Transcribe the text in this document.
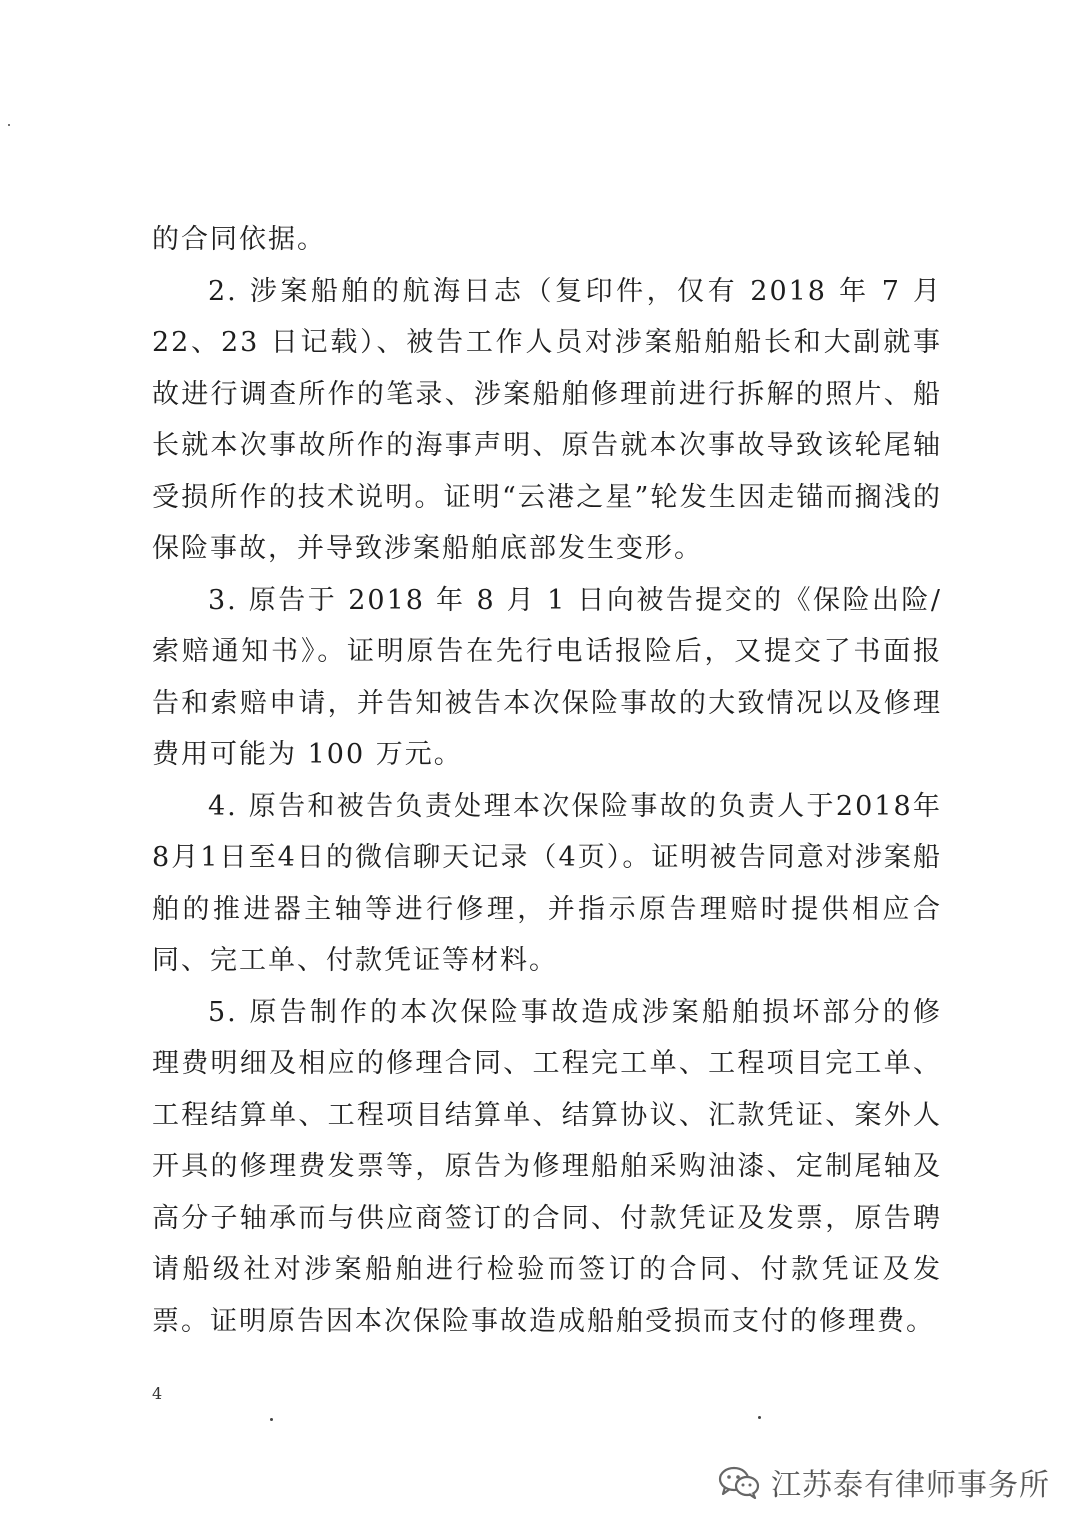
的合同依据。

2. 涉案船舶的航海日志（复印件，仅有 2018 年 7 月 22、23 日记载）、被告工作人员对涉案船舶船长和大副就事故进行调查所作的笔录、涉案船舶修理前进行拆解的照片、船长就本次事故所作的海事声明、原告就本次事故导致该轮尾轴受损所作的技术说明。证明“云港之星”轮发生因走锚而搁浅的保险事故，并导致涉案船舶底部发生变形。

3. 原告于 2018 年 8 月 1 日向被告提交的《保险出险/索赔通知书》。证明原告在先行电话报险后，又提交了书面报告和索赔申请，并告知被告本次保险事故的大致情况以及修理费用可能为 100 万元。

4. 原告和被告负责处理本次保险事故的负责人于2018年8月1日至4日的微信聊天记录（4页）。证明被告同意对涉案船舶的推进器主轴等进行修理，并指示原告理赔时提供相应合同、完工单、付款凭证等材料。

5. 原告制作的本次保险事故造成涉案船舶损坏部分的修理费明细及相应的修理合同、工程完工单、工程项目完工单、工程结算单、工程项目结算单、结算协议、汇款凭证、案外人开具的修理费发票等，原告为修理船舶采购油漆、定制尾轴及高分子轴承而与供应商签订的合同、付款凭证及发票，原告聘请船级社对涉案船舶进行检验而签订的合同、付款凭证及发票。证明原告因本次保险事故造成船舶受损而支付的修理费。

4
江苏泰有律师事务所
